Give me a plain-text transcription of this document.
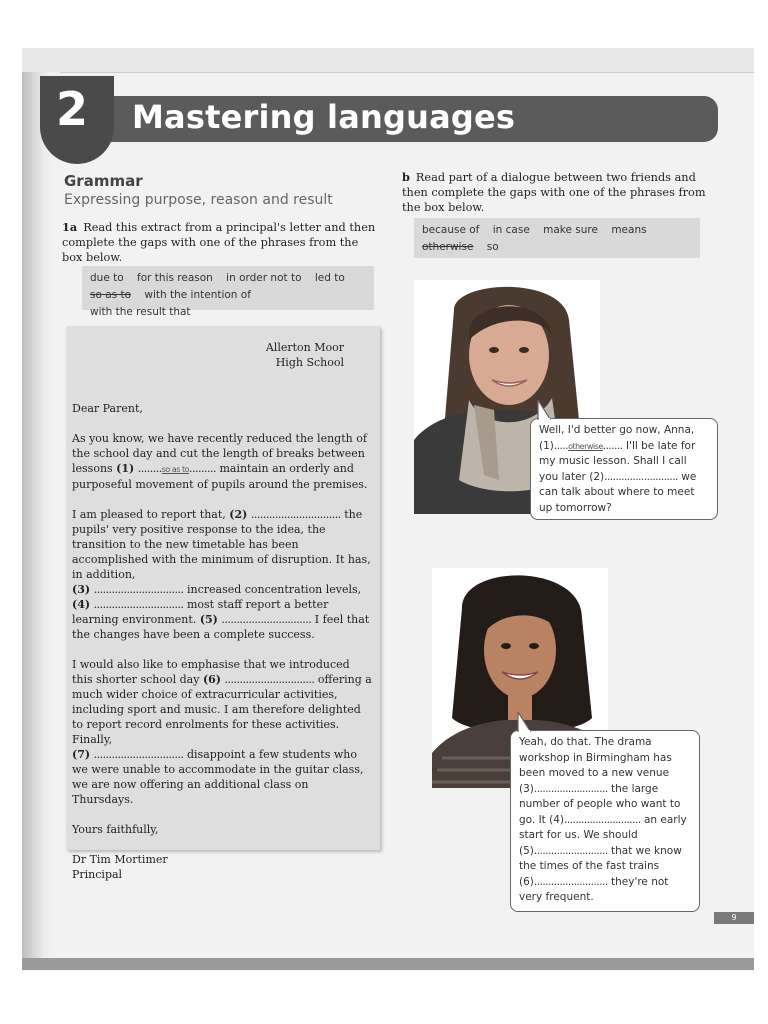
2	Mastering languages
Grammar
Expressing purpose, reason and result
1a Read this extract from a principal's letter and then complete the gaps with one of the phrases from the box below.
due to for this reason in order not to led to
so as to with the intention of with the result that

Allerton Moor

High School

Dear Parent,

As you know, we have recently reduced the length of the school day and cut the length of breaks between lessons (1) ........so as to......... maintain an orderly and purposeful movement of pupils around the premises.

I am pleased to report that, (2) .............................. the pupils' very positive response to the idea, the transition to the new timetable has been accomplished with the minimum of disruption. It has, in addition,
(3) .............................. increased concentration levels,
(4) .............................. most staff report a better learning environment. (5) .............................. I feel that the changes have been a complete success.

I would also like to emphasise that we introduced this shorter school day (6) .............................. offering a much wider choice of extracurricular activities, including sport and music. I am therefore delighted to report record enrolments for these activities. Finally,
(7) .............................. disappoint a few students who we were unable to accommodate in the guitar class, we are now offering an additional class on Thursdays.

Yours faithfully,

Dr Tim Mortimer

Principal

b Read part of a dialogue between two friends and then complete the gaps with one of the phrases from the box below.
because of in case make sure means
otherwise so
Well, I'd better go now, Anna,
(1).....otherwise....... I'll be late for my music lesson. Shall I call you later (2).......................... we can talk about where to meet up tomorrow?
Yeah, do that. The drama workshop in Birmingham has been moved to a new venue
(3).......................... the large number of people who want to go. It (4)........................... an early start for us. We should
(5).......................... that we know the times of the fast trains
(6).......................... they're not very frequent.
9
